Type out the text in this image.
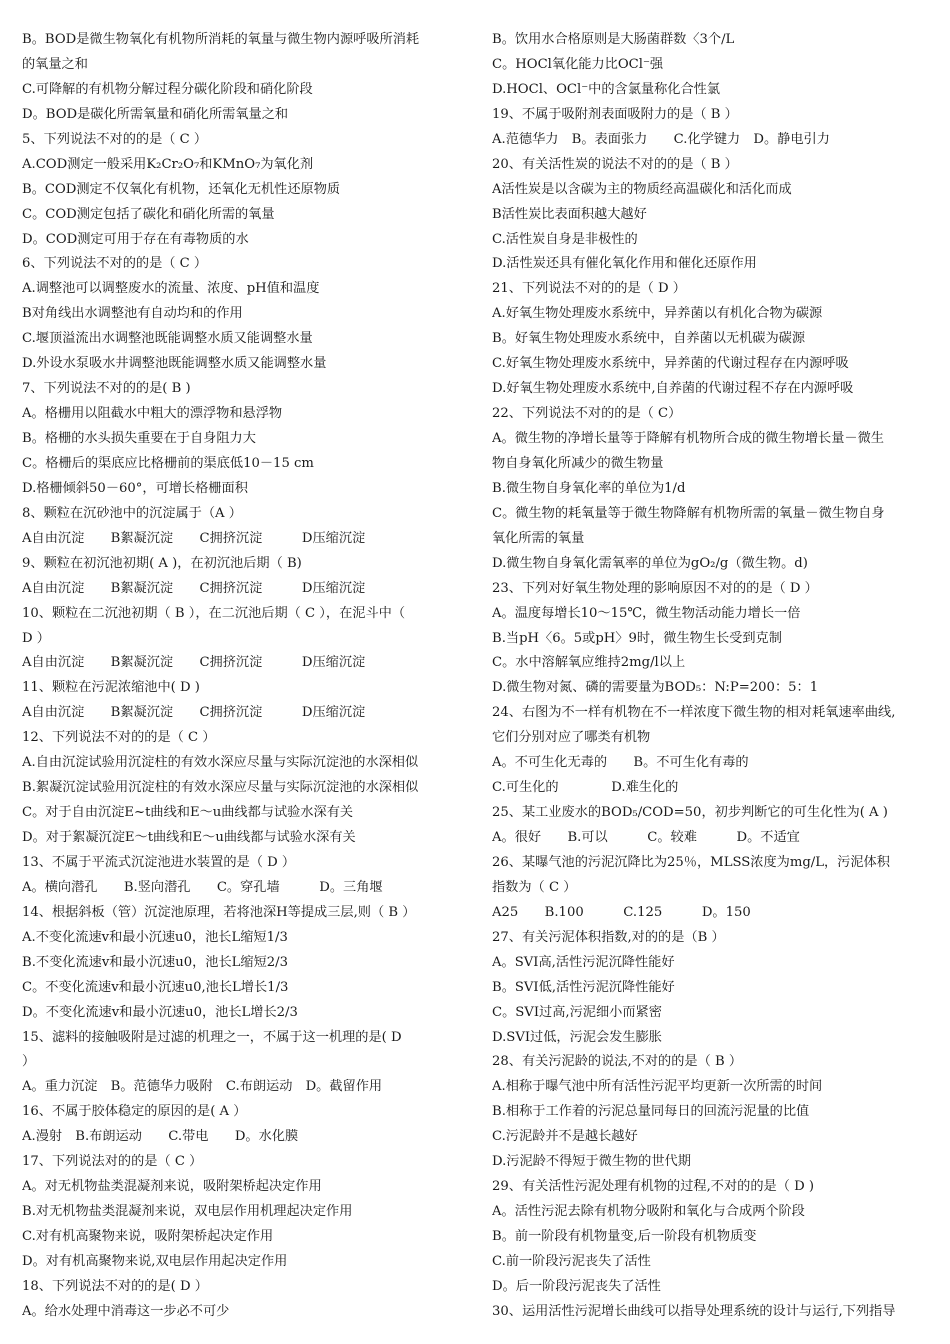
B。BOD是微生物氧化有机物所消耗的氧量与微生物内源呼吸所消耗
的氧量之和
C.可降解的有机物分解过程分碳化阶段和硝化阶段
D。BOD是碳化所需氧量和硝化所需氧量之和
5、下列说法不对的的是（ C ）
A.COD测定一般采用K₂Cr₂O₇和KMnO₇为氧化剂
B。COD测定不仅氧化有机物，还氧化无机性还原物质
C。COD测定包括了碳化和硝化所需的氧量
D。COD测定可用于存在有毒物质的水
6、下列说法不对的的是（ C ）
A.调整池可以调整废水的流量、浓度、pH值和温度
B对角线出水调整池有自动均和的作用
C.堰顶溢流出水调整池既能调整水质又能调整水量
D.外设水泵吸水井调整池既能调整水质又能调整水量
7、下列说法不对的的是( B )
A。格栅用以阻截水中粗大的漂浮物和悬浮物
B。格栅的水头损失重要在于自身阻力大
C。格栅后的渠底应比格栅前的渠底低10－15 cm
D.格栅倾斜50－60°，可增长格栅面积
8、颗粒在沉砂池中的沉淀属于（A ）
A自由沉淀　　B絮凝沉淀　　C拥挤沉淀　　　D压缩沉淀
9、颗粒在初沉池初期( A )，在初沉池后期（ B)
A自由沉淀　　B絮凝沉淀　　C拥挤沉淀　　　D压缩沉淀
10、颗粒在二沉池初期（ B ），在二沉池后期（ C ），在泥斗中（
D ）
A自由沉淀　　B絮凝沉淀　　C拥挤沉淀　　　D压缩沉淀
11、颗粒在污泥浓缩池中( D )
A自由沉淀　　B絮凝沉淀　　C拥挤沉淀　　　D压缩沉淀
12、下列说法不对的的是（ C ）
A.自由沉淀试验用沉淀柱的有效水深应尽量与实际沉淀池的水深相似
B.絮凝沉淀试验用沉淀柱的有效水深应尽量与实际沉淀池的水深相似
C。对于自由沉淀E~t曲线和E～u曲线都与试验水深有关
D。对于絮凝沉淀E～t曲线和E～u曲线都与试验水深有关
13、不属于平流式沉淀池进水装置的是（ D ）
A。横向潜孔　　B.竖向潜孔　　C。穿孔墙　　　D。三角堰
14、根据斜板（管）沉淀池原理，若将池深H等提成三层,则（ B ）
A.不变化流速v和最小沉速u0，池长L缩短1/3
B.不变化流速v和最小沉速u0，池长L缩短2/3
C。不变化流速v和最小沉速u0,池长L增长1/3
D。不变化流速v和最小沉速u0，池长L增长2/3
15、滤料的接触吸附是过滤的机理之一，不属于这一机理的是( D
）
A。重力沉淀　B。范德华力吸附　C.布朗运动　D。截留作用
16、不属于胶体稳定的原因的是( A ）
A.漫射　B.布朗运动　　C.带电　　D。水化膜
17、下列说法对的的是（ C ）
A。对无机物盐类混凝剂来说，吸附架桥起决定作用
B.对无机物盐类混凝剂来说，双电层作用机理起决定作用
C.对有机高聚物来说，吸附架桥起决定作用
D。对有机高聚物来说,双电层作用起决定作用
18、下列说法不对的的是( D ）
A。给水处理中消毒这一步必不可少
B。饮用水合格原则是大肠菌群数〈3个/L
C。HOCl氧化能力比OCl⁻强
D.HOCl、OCl⁻中的含氯量称化合性氯
19、不属于吸附剂表面吸附力的是（ B ）
A.范德华力　B。表面张力　　C.化学键力　D。静电引力
20、有关活性炭的说法不对的的是（ B ）
A活性炭是以含碳为主的物质经高温碳化和活化而成
B活性炭比表面积越大越好
C.活性炭自身是非极性的
D.活性炭还具有催化氧化作用和催化还原作用
21、下列说法不对的的是（ D ）
A.好氧生物处理废水系统中，异养菌以有机化合物为碳源
B。好氧生物处理废水系统中，自养菌以无机碳为碳源
C.好氧生物处理废水系统中，异养菌的代谢过程存在内源呼吸
D.好氧生物处理废水系统中,自养菌的代谢过程不存在内源呼吸
22、下列说法不对的的是（ C）
A。微生物的净增长量等于降解有机物所合成的微生物增长量－微生
物自身氧化所减少的微生物量
B.微生物自身氧化率的单位为1/d
C。微生物的耗氧量等于微生物降解有机物所需的氧量－微生物自身
氧化所需的氧量
D.微生物自身氧化需氧率的单位为gO₂/g（微生物。d)
23、下列对好氧生物处理的影响原因不对的的是（ D ）
A。温度每增长10～15℃，微生物活动能力增长一倍
B.当pH〈6。5或pH〉9时，微生物生长受到克制
C。水中溶解氧应维持2mg/l以上
D.微生物对氮、磷的需要量为BOD₅：N:P=200：5：1
24、右图为不一样有机物在不一样浓度下微生物的相对耗氧速率曲线,
它们分别对应了哪类有机物
A。不可生化无毒的　　B。不可生化有毒的
C.可生化的　　　　D.难生化的
25、某工业废水的BOD₅/COD=50，初步判断它的可生化性为( A )
A。很好　　B.可以　　　C。较难　　　D。不适宜
26、某曝气池的污泥沉降比为25％，MLSS浓度为mg/L，污泥体积
指数为（ C ）
A25　　B.100　　　C.125　　　D。150
27、有关污泥体积指数,对的的是（B ）
A。SVI高,活性污泥沉降性能好
B。SVI低,活性污泥沉降性能好
C。SVI过高,污泥细小而紧密
D.SVI过低，污泥会发生膨胀
28、有关污泥龄的说法,不对的的是（ B ）
A.相称于曝气池中所有活性污泥平均更新一次所需的时间
B.相称于工作着的污泥总量同每日的回流污泥量的比值
C.污泥龄并不是越长越好
D.污泥龄不得短于微生物的世代期
29、有关活性污泥处理有机物的过程,不对的的是（ D )
A。活性污泥去除有机物分吸附和氧化与合成两个阶段
B。前一阶段有机物量变,后一阶段有机物质变
C.前一阶段污泥丧失了活性
D。后一阶段污泥丧失了活性
30、运用活性污泥增长曲线可以指导处理系统的设计与运行,下列指导
